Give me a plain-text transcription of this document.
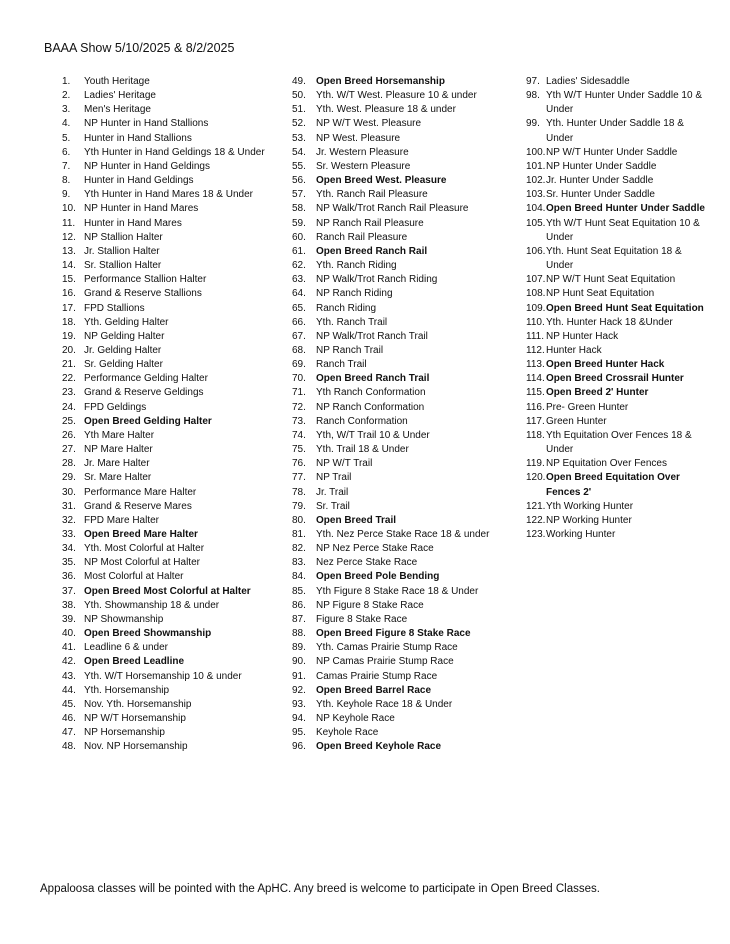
BAAA Show 5/10/2025 & 8/2/2025
1.	Youth Heritage
2.	Ladies' Heritage
3.	Men's Heritage
4.	NP Hunter in Hand Stallions
5.	Hunter in Hand Stallions
6.	Yth Hunter in Hand Geldings 18 & Under
7.	NP Hunter in Hand Geldings
8.	Hunter in Hand Geldings
9.	Yth Hunter in Hand Mares 18 & Under
10. NP Hunter in Hand Mares
11. Hunter in Hand Mares
12. NP Stallion Halter
13. Jr. Stallion Halter
14. Sr. Stallion Halter
15. Performance Stallion Halter
16. Grand & Reserve Stallions
17. FPD Stallions
18. Yth. Gelding Halter
19. NP Gelding Halter
20. Jr. Gelding Halter
21. Sr. Gelding Halter
22. Performance Gelding Halter
23. Grand & Reserve Geldings
24. FPD Geldings
25. Open Breed Gelding Halter
26. Yth Mare Halter
27. NP Mare Halter
28. Jr. Mare Halter
29. Sr. Mare Halter
30. Performance Mare Halter
31. Grand & Reserve Mares
32. FPD Mare Halter
33. Open Breed Mare Halter
34. Yth. Most Colorful at Halter
35. NP Most Colorful at Halter
36. Most Colorful at Halter
37. Open Breed Most Colorful at Halter
38. Yth. Showmanship 18 & under
39. NP Showmanship
40. Open Breed Showmanship
41. Leadline 6 & under
42. Open Breed Leadline
43. Yth. W/T Horsemanship 10 & under
44. Yth. Horsemanship
45. Nov. Yth. Horsemanship
46. NP W/T Horsemanship
47. NP Horsemanship
48. Nov. NP Horsemanship
49.	Open Breed Horsemanship
50.	Yth. W/T West. Pleasure 10 & under
51.	Yth. West. Pleasure 18 & under
52.	NP W/T West. Pleasure
53.	NP West. Pleasure
54.	Jr. Western Pleasure
55.	Sr. Western Pleasure
56.	Open Breed West. Pleasure
57.	Yth. Ranch Rail Pleasure
58.	NP Walk/Trot Ranch Rail Pleasure
59.	NP Ranch Rail Pleasure
60.	Ranch Rail Pleasure
61.	Open Breed Ranch Rail
62.	Yth. Ranch Riding
63.	NP Walk/Trot Ranch Riding
64.	NP Ranch Riding
65.	Ranch Riding
66.	Yth. Ranch Trail
67.	NP Walk/Trot Ranch Trail
68.	NP Ranch Trail
69.	Ranch Trail
70.	Open Breed Ranch Trail
71.	Yth Ranch Conformation
72.	NP Ranch Conformation
73.	Ranch Conformation
74.	Yth, W/T Trail 10 & Under
75.	Yth. Trail 18 & Under
76.	NP W/T Trail
77.	NP Trail
78.	Jr. Trail
79.	Sr. Trail
80.	Open Breed Trail
81.	Yth. Nez Perce Stake Race 18 & under
82.	NP Nez Perce Stake Race
83.	Nez Perce Stake Race
84.	Open Breed Pole Bending
85.	Yth Figure 8 Stake Race 18 & Under
86.	NP Figure 8 Stake Race
87.	Figure 8 Stake Race
88.	Open Breed Figure 8 Stake Race
89.	Yth. Camas Prairie Stump Race
90.	NP Camas Prairie Stump Race
91.	Camas Prairie Stump Race
92.	Open Breed Barrel Race
93.	Yth. Keyhole Race 18 & Under
94.	NP Keyhole Race
95.	Keyhole Race
96.	Open Breed Keyhole Race
97. Ladies' Sidesaddle
98. Yth W/T Hunter Under Saddle 10 & Under
99. Yth. Hunter Under Saddle 18 & Under
100. NP W/T Hunter Under Saddle
101. NP Hunter Under Saddle
102. Jr. Hunter Under Saddle
103. Sr. Hunter Under Saddle
104. Open Breed Hunter Under Saddle
105. Yth W/T Hunt Seat Equitation 10 & Under
106. Yth. Hunt Seat Equitation 18 & Under
107. NP W/T Hunt Seat Equitation
108. NP Hunt Seat Equitation
109. Open Breed Hunt Seat Equitation
110. Yth. Hunter Hack 18 &Under
111. NP Hunter Hack
112. Hunter Hack
113. Open Breed Hunter Hack
114. Open Breed Crossrail Hunter
115. Open Breed 2' Hunter
116. Pre- Green Hunter
117. Green Hunter
118. Yth Equitation Over Fences 18 & Under
119. NP Equitation Over Fences
120. Open Breed Equitation Over Fences 2'
121. Yth Working Hunter
122. NP Working Hunter
123. Working Hunter
Appaloosa classes will be pointed with the ApHC. Any breed is welcome to participate in Open Breed Classes.
